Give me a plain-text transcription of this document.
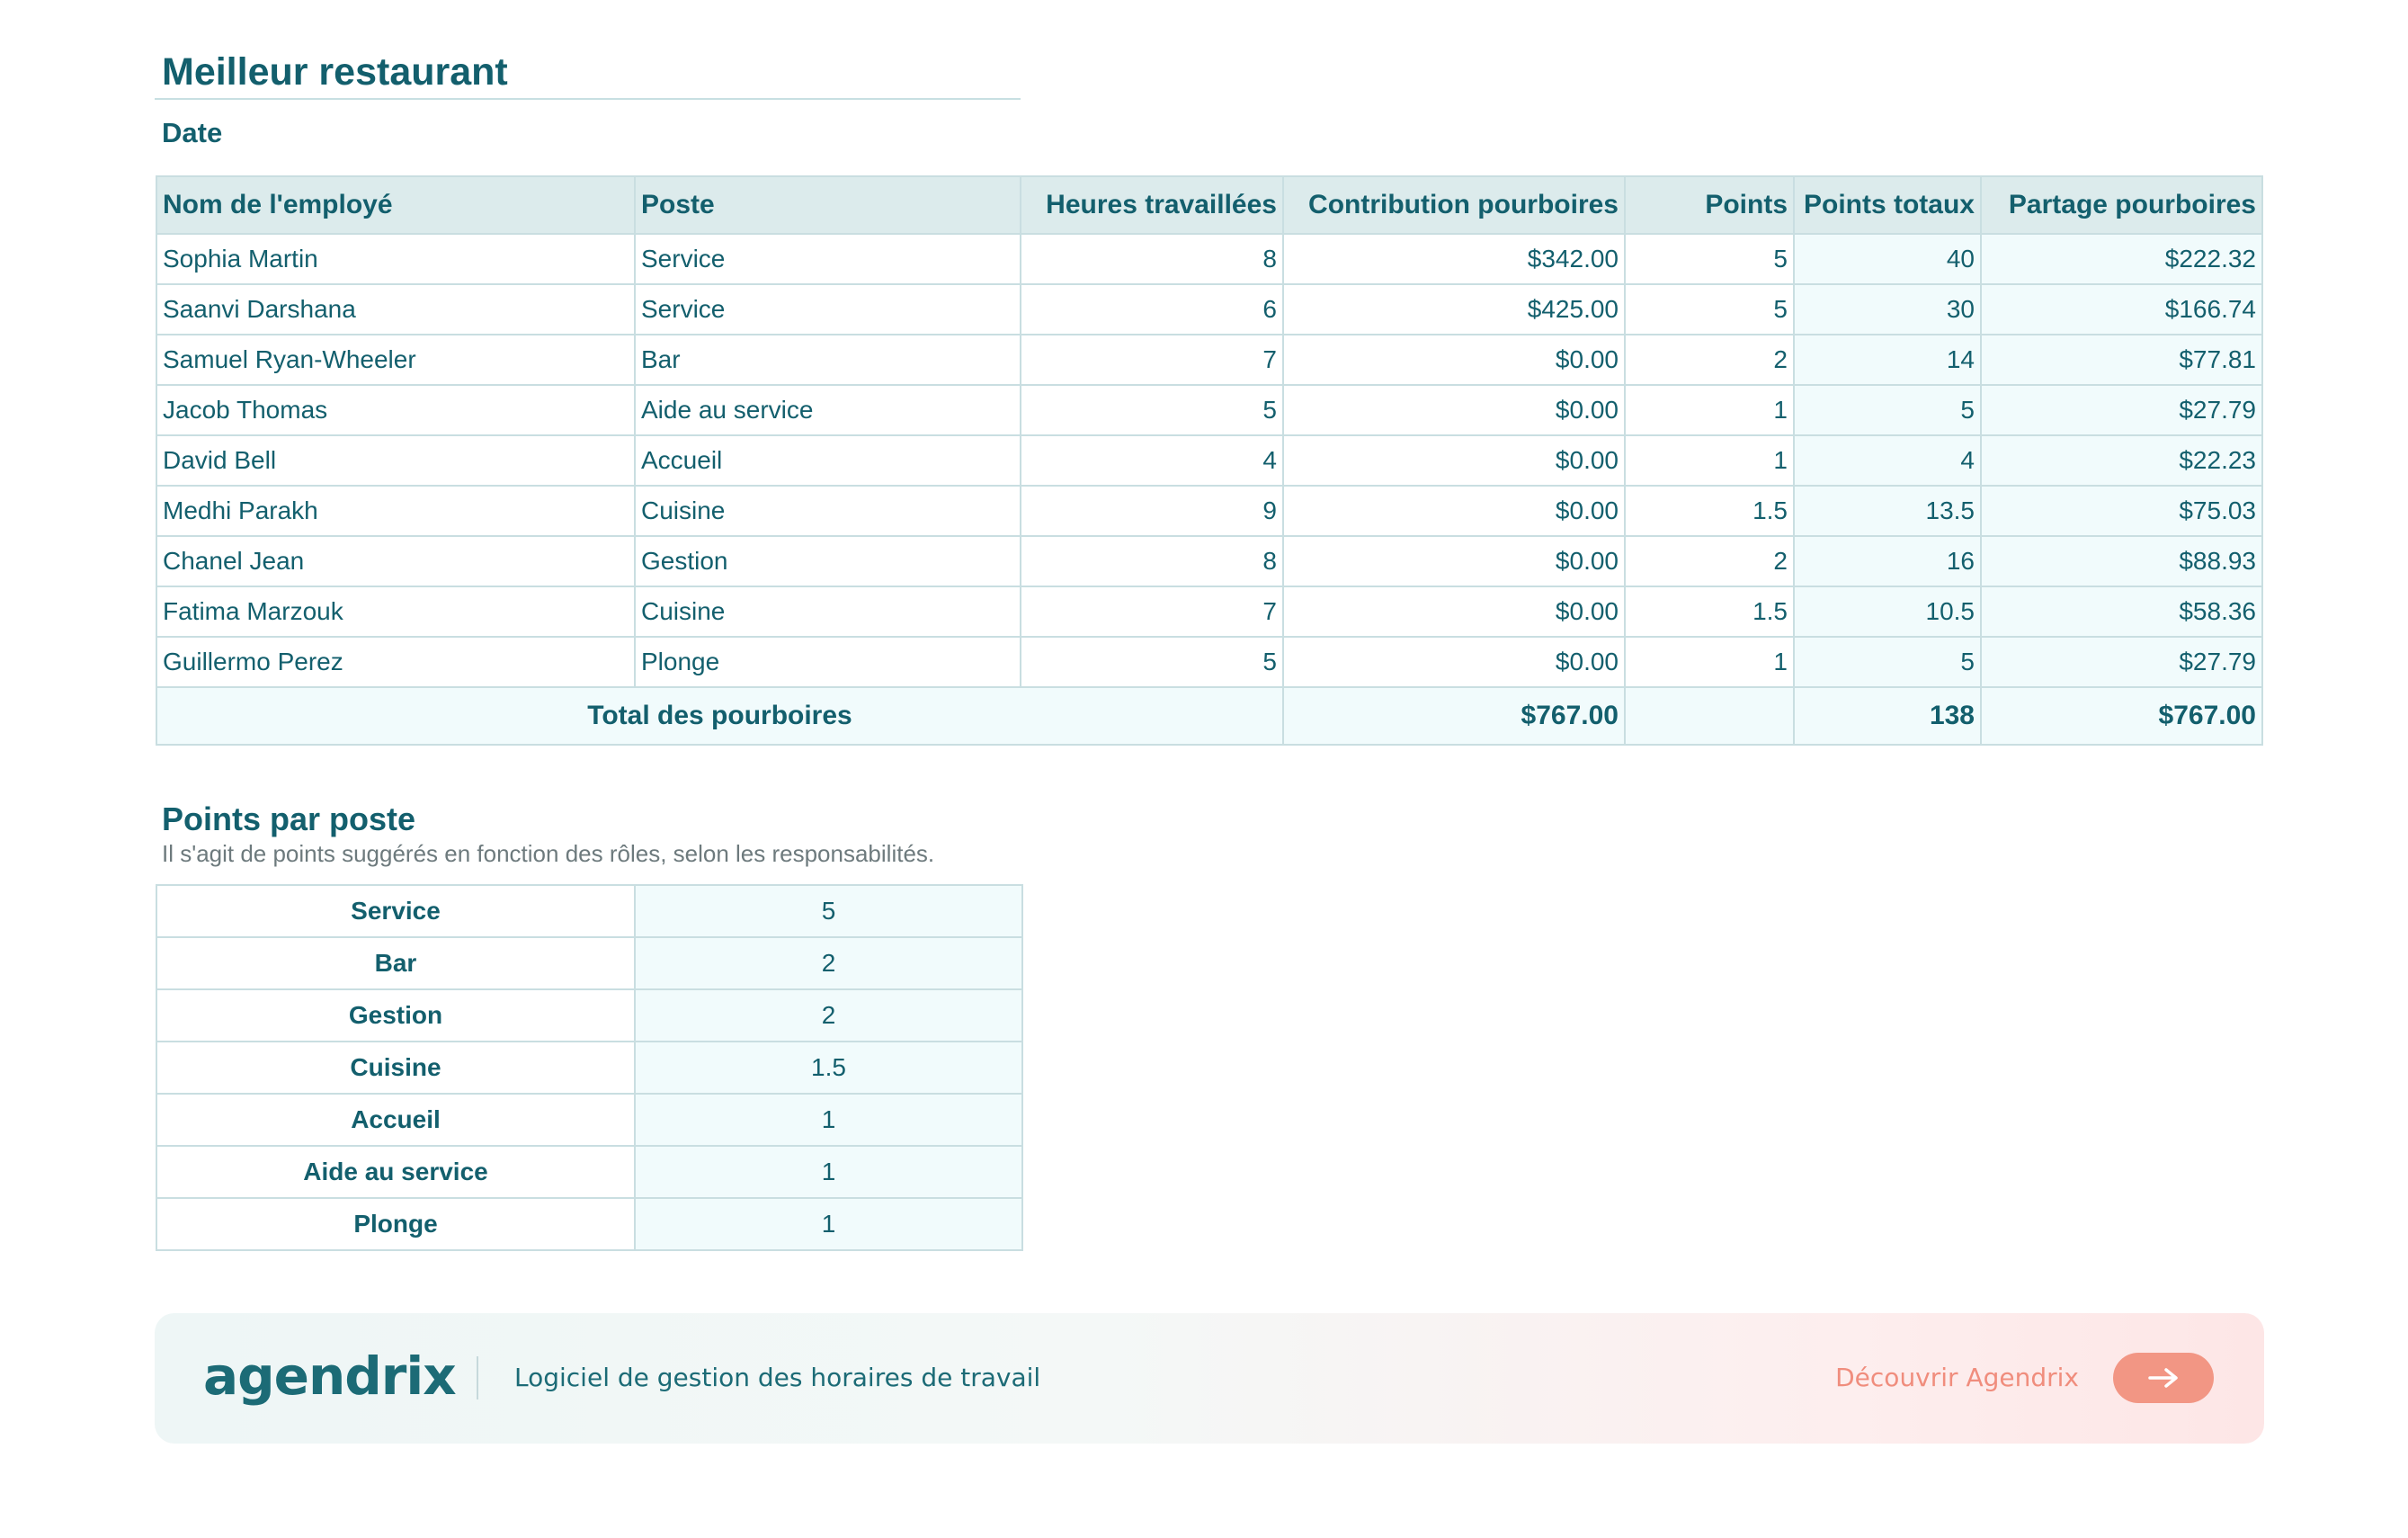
Meilleur restaurant
Date
Nom de l'employé	Poste	Heures travaillées	Contribution pourboires	Points	Points totaux	Partage pourboires
Sophia Martin	Service	8	$342.00	5	40	$222.32
Saanvi Darshana	Service	6	$425.00	5	30	$166.74
Samuel Ryan-Wheeler	Bar	7	$0.00	2	14	$77.81
Jacob Thomas	Aide au service	5	$0.00	1	5	$27.79
David Bell	Accueil	4	$0.00	1	4	$22.23
Medhi Parakh	Cuisine	9	$0.00	1.5	13.5	$75.03
Chanel Jean	Gestion	8	$0.00	2	16	$88.93
Fatima Marzouk	Cuisine	7	$0.00	1.5	10.5	$58.36
Guillermo Perez	Plonge	5	$0.00	1	5	$27.79
Total des pourboires			$767.00		138	$767.00
Points par poste
Il s'agit de points suggérés en fonction des rôles, selon les responsabilités.
Service	5
Bar	2
Gestion	2
Cuisine	1.5
Accueil	1
Aide au service	1
Plonge	1
agendrix Logiciel de gestion des horaires de travail	Découvrir Agendrix
